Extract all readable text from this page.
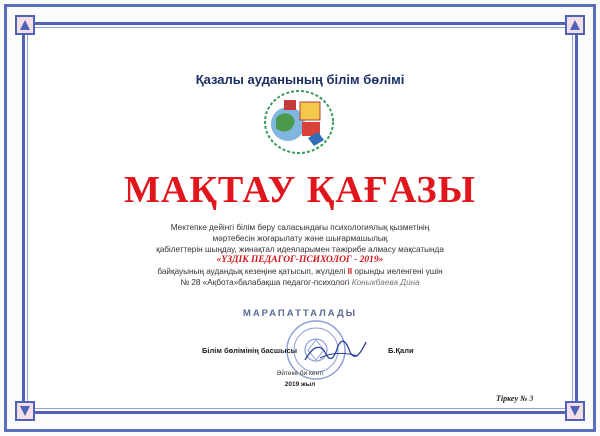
Қазалы ауданының білім бөлімі
МАҚТАУ ҚАҒАЗЫ
Мектепке дейінгі білім беру саласындағы психологиялық қызметінің
мәртебесін жоғарылату және шығармашылық
қабілеттерін шыңдау, жинақтал идеяларымен тәжірибе алмасу мақсатында
«ҮЗДІК ПЕДАГОГ-ПСИХОЛОГ - 2019»
байқауының аудандық кезеңіне қатысып, жүлделі ІІ орынды иеленгені үшін
№ 28 «Ақбота»балабақша педагог-психологі Коныкбаева Дина
МАРАПАТТАЛАДЫ
Білім бөлімінің басшысы	Б.Қали
Әйтеке би кенті
2019 жыл
Тіркеу № 3
